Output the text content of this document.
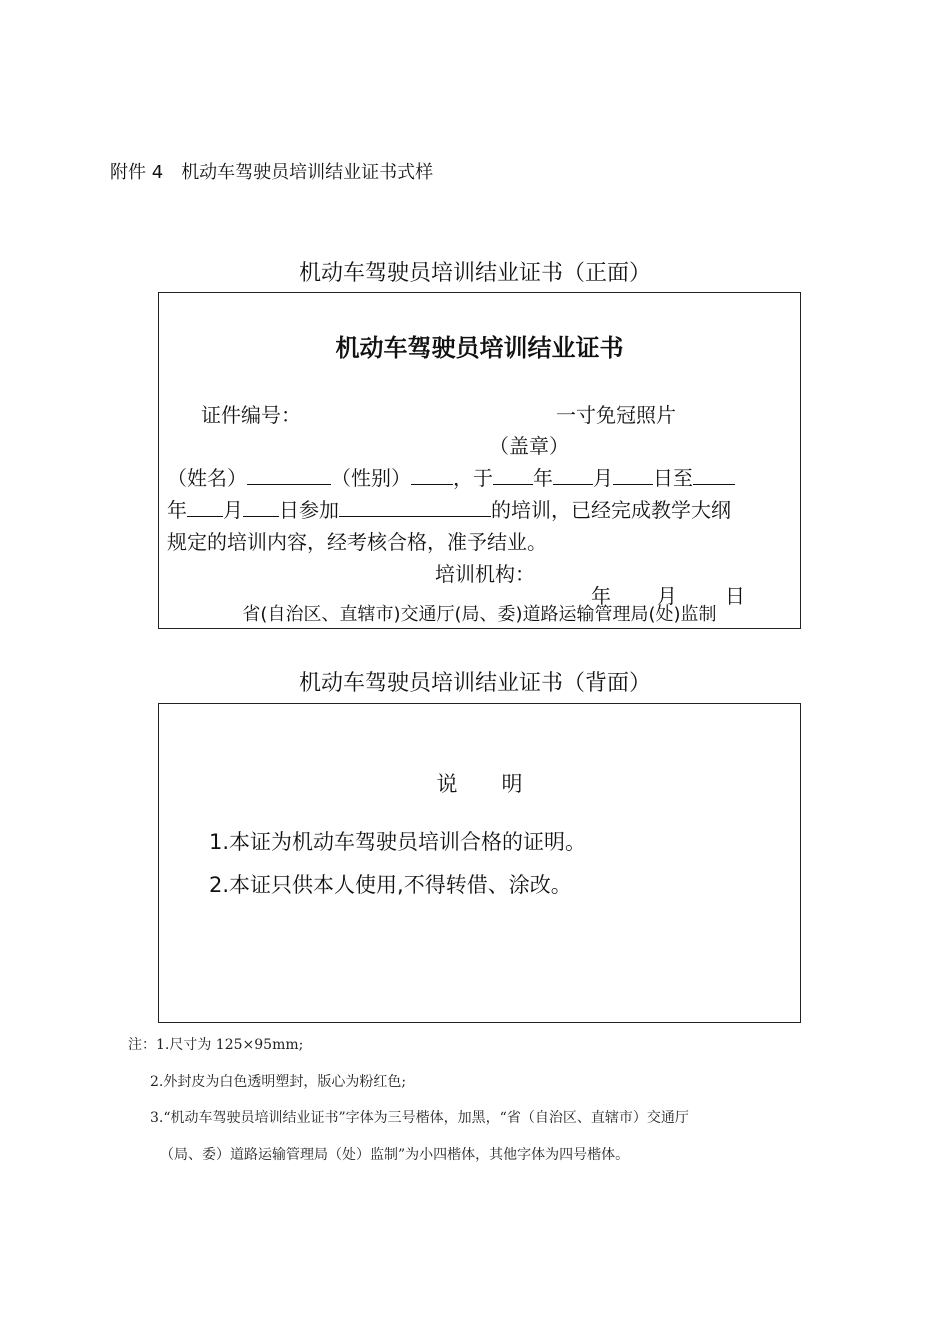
附件 4 机动车驾驶员培训结业证书式样
机动车驾驶员培训结业证书（正面）
机动车驾驶员培训结业证书
证件编号：	一寸免冠照片
（盖章）
（姓名）	（性别） ，于 年 月 日至
年 月 日参加	的培训，已经完成教学大纲
规定的培训内容，经考核合格，准予结业。
培训机构：
年 月 日
省(自治区、直辖市)交通厅(局、委)道路运输管理局(处)监制
机动车驾驶员培训结业证书（背面）
说 明
1.本证为机动车驾驶员培训合格的证明。
2.本证只供本人使用,不得转借、涂改。
注：1.尺寸为 125×95mm;
2.外封皮为白色透明塑封，版心为粉红色;
3.“机动车驾驶员培训结业证书”字体为三号楷体，加黑，“省（自治区、直辖市）交通厅
（局、委）道路运输管理局（处）监制”为小四楷体，其他字体为四号楷体。
